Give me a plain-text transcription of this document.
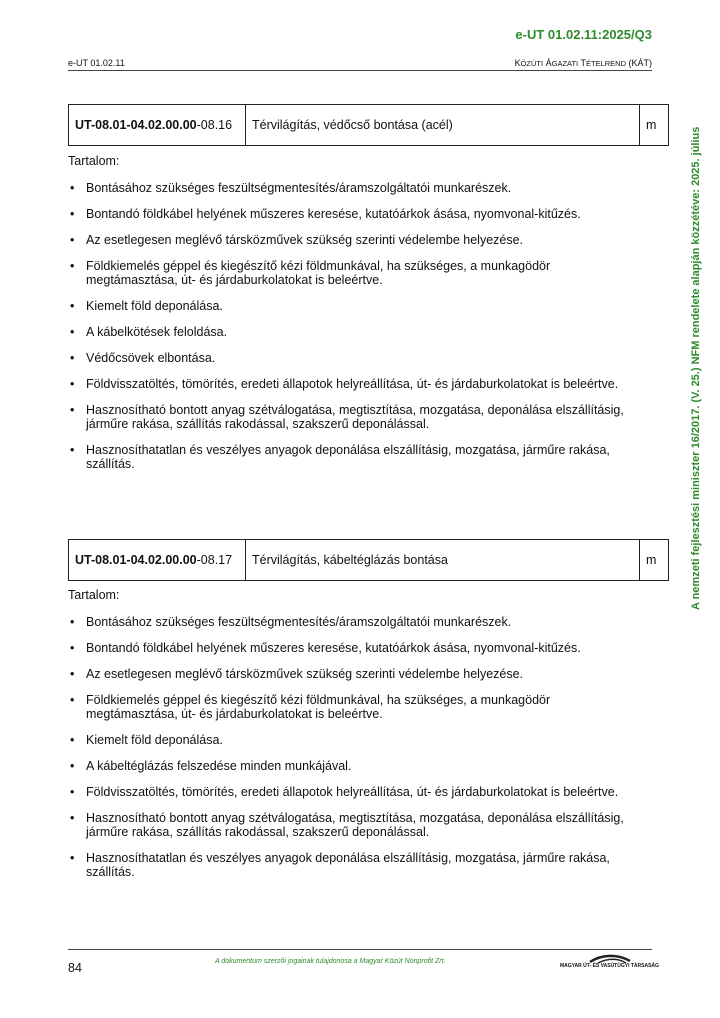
e-UT 01.02.11:2025/Q3
e-UT 01.02.11	KÖZÚTI ÁGAZATI TÉTELREND (KÁT)
A nemzeti fejlesztési miniszter 16/2017. (V. 25.) NFM rendelete alapján közzétéve: 2025. július
UT-08.01-04.02.00.00-08.16	Térvilágítás, védőcső bontása (acél)	m
Tartalom:
• Bontásához szükséges feszültségmentesítés/áramszolgáltatói munkarészek.
• Bontandó földkábel helyének műszeres keresése, kutatóárkok ásása, nyomvonal-kitűzés.
• Az esetlegesen meglévő társközművek szükség szerinti védelembe helyezése.
• Földkiemelés géppel és kiegészítő kézi földmunkával, ha szükséges, a munkagödör megtámasztása, út- és járdaburkolatokat is beleértve.
• Kiemelt föld deponálása.
• A kábelkötések feloldása.
• Védőcsövek elbontása.
• Földvisszatöltés, tömörítés, eredeti állapotok helyreállítása, út- és járdaburkolatokat is beleértve.
• Hasznosítható bontott anyag szétválogatása, megtisztítása, mozgatása, deponálása elszállításig, járműre rakása, szállítás rakodással, szakszerű deponálással.
• Hasznosíthatatlan és veszélyes anyagok deponálása elszállításig, mozgatása, járműre rakása, szállítás.
UT-08.01-04.02.00.00-08.17	Térvilágítás, kábeltéglázás bontása	m
Tartalom:
• Bontásához szükséges feszültségmentesítés/áramszolgáltatói munkarészek.
• Bontandó földkábel helyének műszeres keresése, kutatóárkok ásása, nyomvonal-kitűzés.
• Az esetlegesen meglévő társközművek szükség szerinti védelembe helyezése.
• Földkiemelés géppel és kiegészítő kézi földmunkával, ha szükséges, a munkagödör megtámasztása, út- és járdaburkolatokat is beleértve.
• Kiemelt föld deponálása.
• A kábeltéglázás felszedése minden munkájával.
• Földvisszatöltés, tömörítés, eredeti állapotok helyreállítása, út- és járdaburkolatokat is beleértve.
• Hasznosítható bontott anyag szétválogatása, megtisztítása, mozgatása, deponálása elszállításig, járműre rakása, szállítás rakodással, szakszerű deponálással.
• Hasznosíthatatlan és veszélyes anyagok deponálása elszállításig, mozgatása, járműre rakása, szállítás.
84	A dokumentum szerzői jogainak tulajdonosa a Magyar Közút Nonprofit Zrt.
MAGYAR ÚT- ÉS VASÚTÜGYI TÁRSASÁG
